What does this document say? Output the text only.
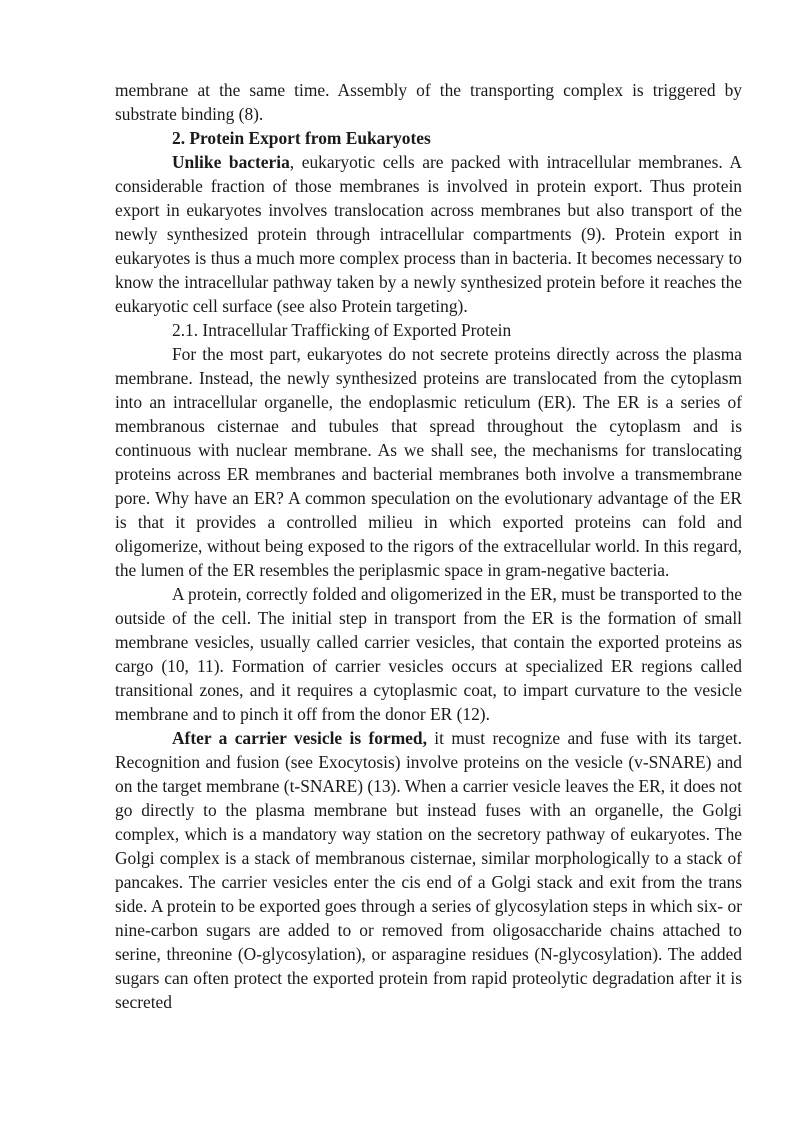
membrane at the same time. Assembly of the transporting complex is triggered by substrate binding (8).

2. Protein Export from Eukaryotes

Unlike bacteria, eukaryotic cells are packed with intracellular membranes. A considerable fraction of those membranes is involved in protein export. Thus protein export in eukaryotes involves translocation across membranes but also transport of the newly synthesized protein through intracellular compartments (9). Protein export in eukaryotes is thus a much more complex process than in bacteria. It becomes necessary to know the intracellular pathway taken by a newly synthesized protein before it reaches the eukaryotic cell surface (see also Protein targeting).

2.1. Intracellular Trafficking of Exported Protein

For the most part, eukaryotes do not secrete proteins directly across the plasma membrane. Instead, the newly synthesized proteins are translocated from the cytoplasm into an intracellular organelle, the endoplasmic reticulum (ER). The ER is a series of membranous cisternae and tubules that spread throughout the cytoplasm and is continuous with nuclear membrane. As we shall see, the mechanisms for translocating proteins across ER membranes and bacterial membranes both involve a transmembrane pore. Why have an ER? A common speculation on the evolutionary advantage of the ER is that it provides a controlled milieu in which exported proteins can fold and oligomerize, without being exposed to the rigors of the extracellular world. In this regard, the lumen of the ER resembles the periplasmic space in gram-negative bacteria.

A protein, correctly folded and oligomerized in the ER, must be transported to the outside of the cell. The initial step in transport from the ER is the formation of small membrane vesicles, usually called carrier vesicles, that contain the exported proteins as cargo (10, 11). Formation of carrier vesicles occurs at specialized ER regions called transitional zones, and it requires a cytoplasmic coat, to impart curvature to the vesicle membrane and to pinch it off from the donor ER (12).

After a carrier vesicle is formed, it must recognize and fuse with its target. Recognition and fusion (see Exocytosis) involve proteins on the vesicle (v-SNARE) and on the target membrane (t-SNARE) (13). When a carrier vesicle leaves the ER, it does not go directly to the plasma membrane but instead fuses with an organelle, the Golgi complex, which is a mandatory way station on the secretory pathway of eukaryotes. The Golgi complex is a stack of membranous cisternae, similar morphologically to a stack of pancakes. The carrier vesicles enter the cis end of a Golgi stack and exit from the trans side. A protein to be exported goes through a series of glycosylation steps in which six- or nine-carbon sugars are added to or removed from oligosaccharide chains attached to serine, threonine (O-glycosylation), or asparagine residues (N-glycosylation). The added sugars can often protect the exported protein from rapid proteolytic degradation after it is secreted
